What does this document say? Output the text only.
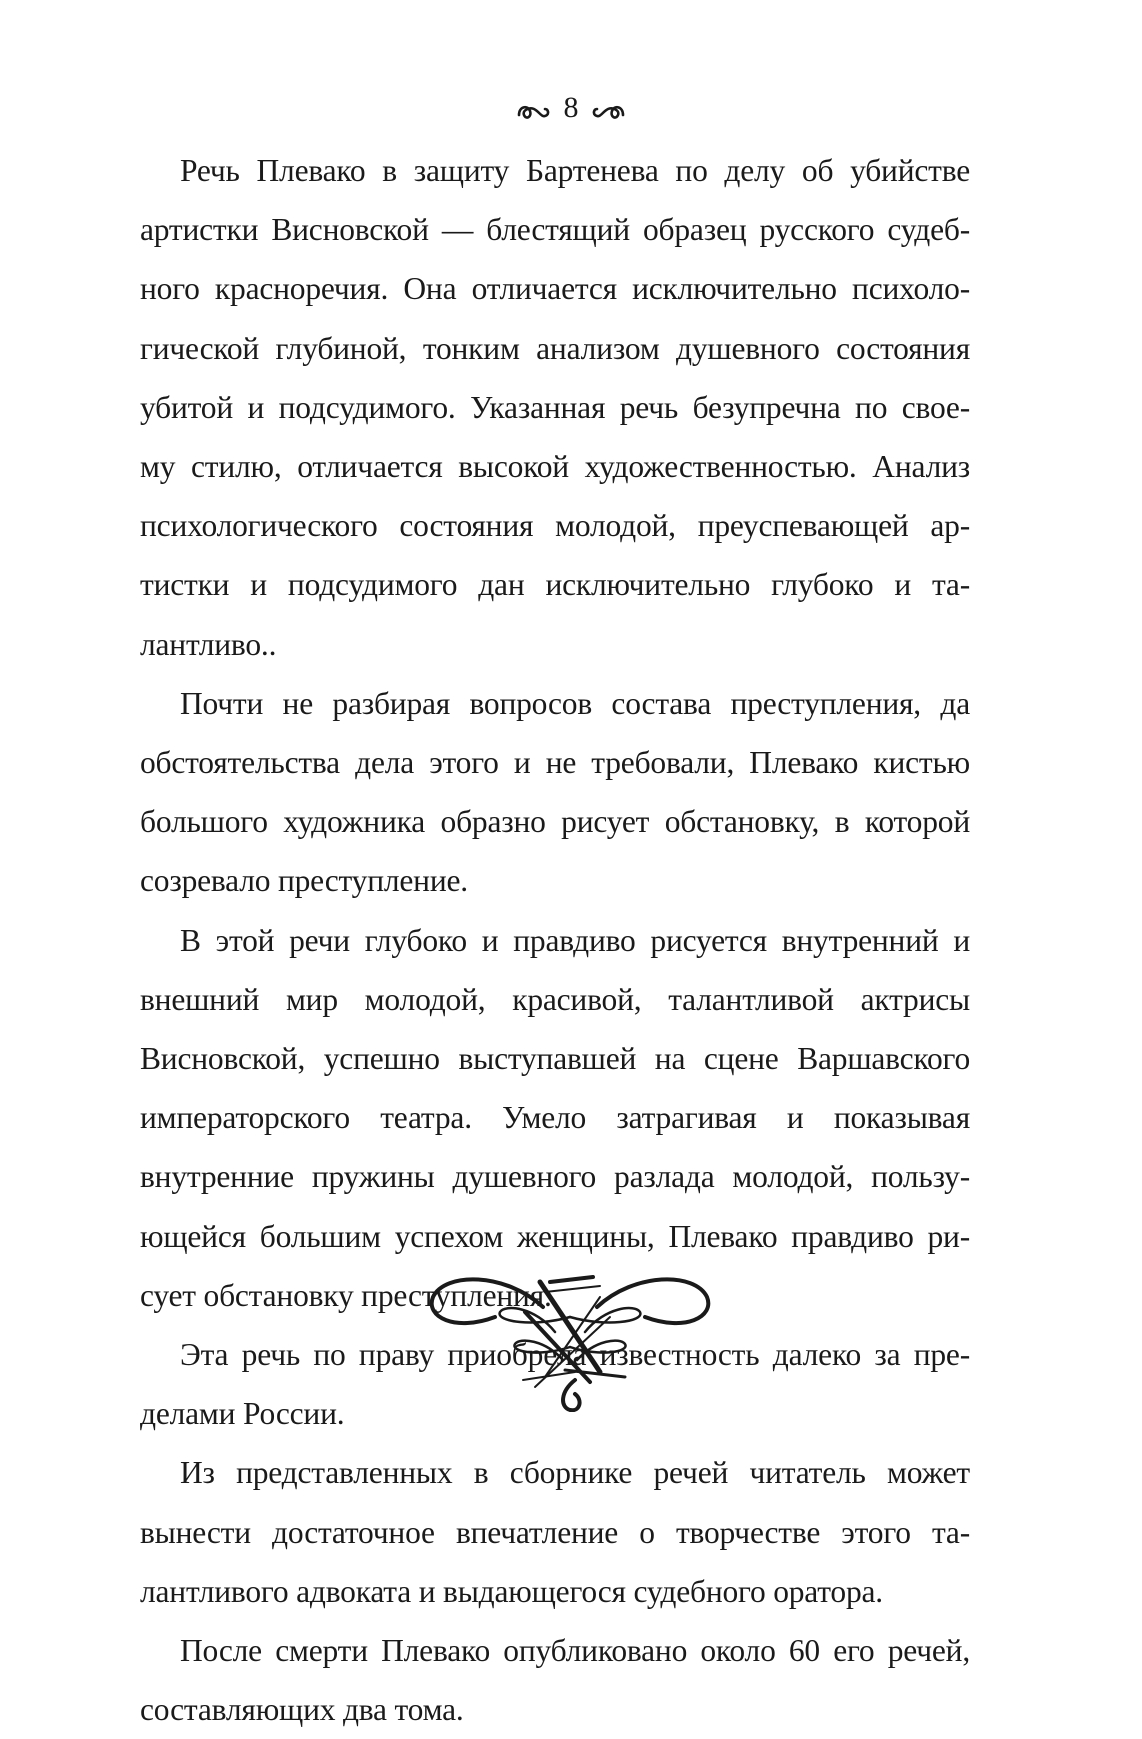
8

Речь Плевако в защиту Бартенева по делу об убийстве
артистки Висновской — блестящий образец русского судеб-
ного красноречия. Она отличается исключительно психоло-
гической глубиной, тонким анализом душевного состояния
убитой и подсудимого. Указанная речь безупречна по свое-
му стилю, отличается высокой художественностью. Анализ
психологического состояния молодой, преуспевающей ар-
тистки и подсудимого дан исключительно глубоко и та-
лантливо..

Почти не разбирая вопросов состава преступления, да
обстоятельства дела этого и не требовали, Плевако кистью
большого художника образно рисует обстановку, в которой
созревало преступление.

В этой речи глубоко и правдиво рисуется внутренний и
внешний мир молодой, красивой, талантливой актрисы
Висновской, успешно выступавшей на сцене Варшавского
императорского театра. Умело затрагивая и показывая
внутренние пружины душевного разлада молодой, пользу-
ющейся большим успехом женщины, Плевако правдиво ри-
сует обстановку преступления.

Эта речь по праву приобрела известность далеко за пре-
делами России.

Из представленных в сборнике речей читатель может
вынести достаточное впечатление о творчестве этого та-
лантливого адвоката и выдающегося судебного оратора.

После смерти Плевако опубликовано около 60 его речей,
составляющих два тома.
